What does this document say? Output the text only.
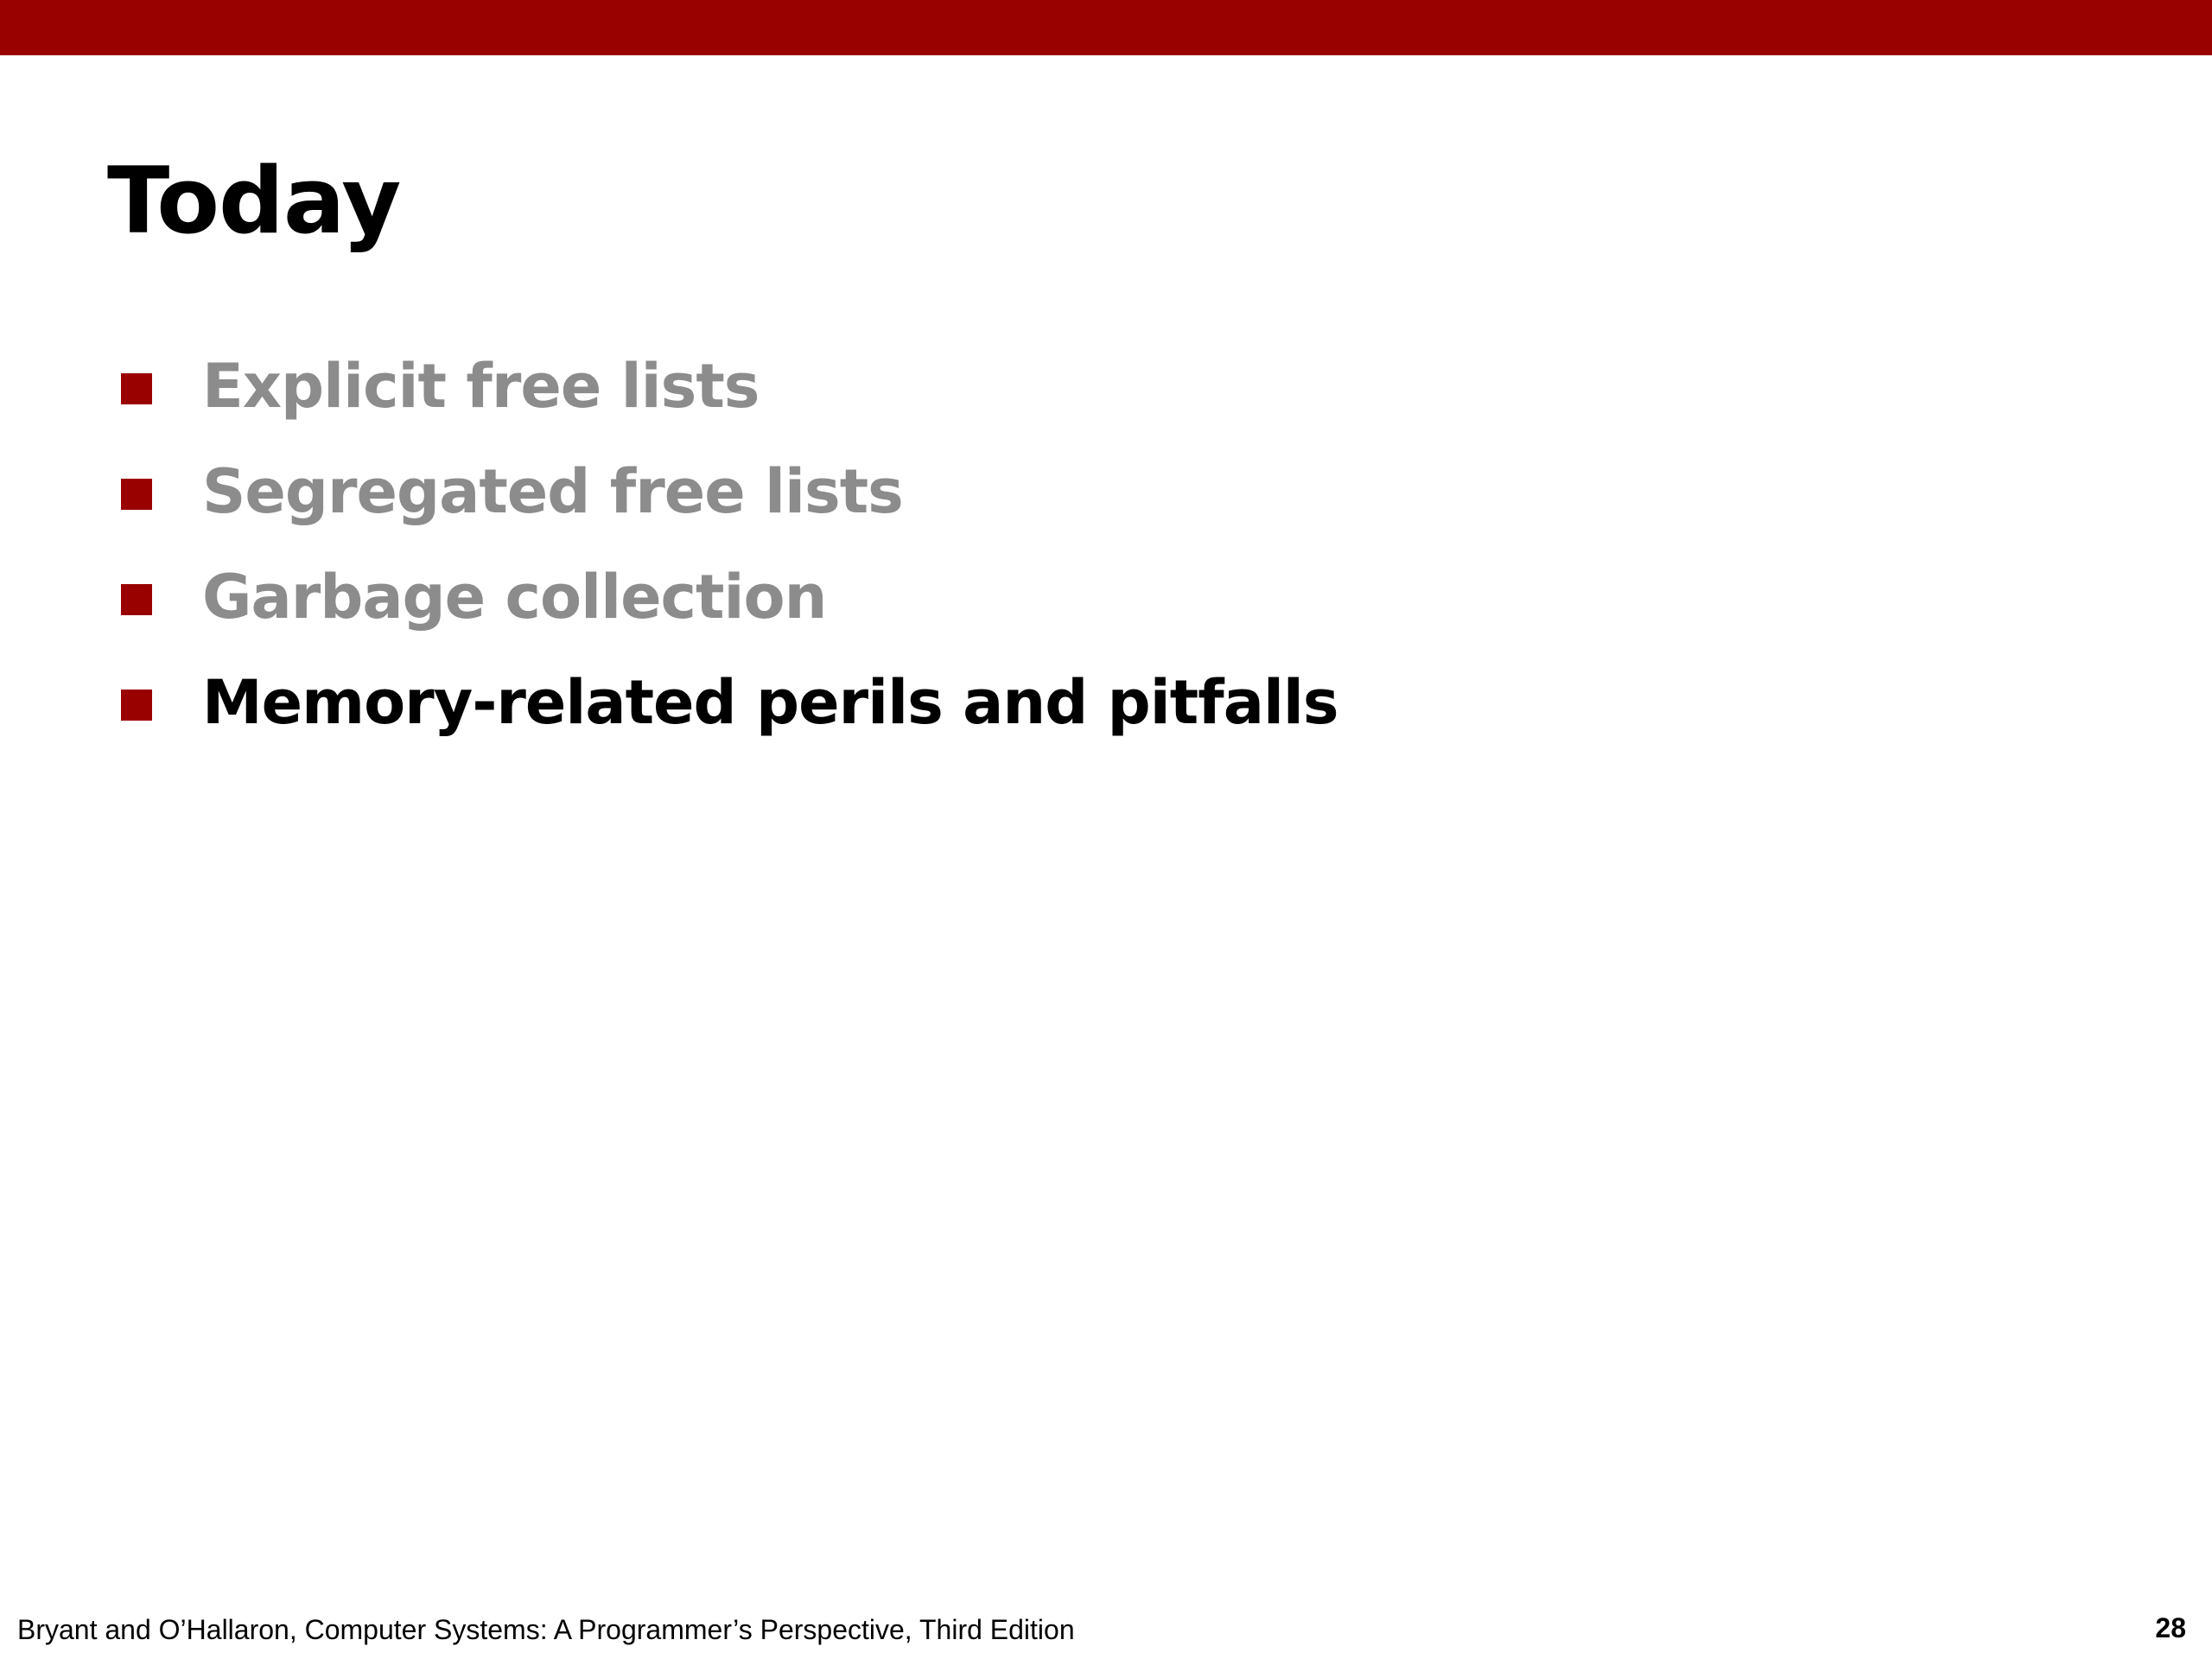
Today
Explicit free lists
Segregated free lists
Garbage collection
Memory-related perils and pitfalls
Bryant and O’Hallaron, Computer Systems: A Programmer’s Perspective, Third Edition	28
